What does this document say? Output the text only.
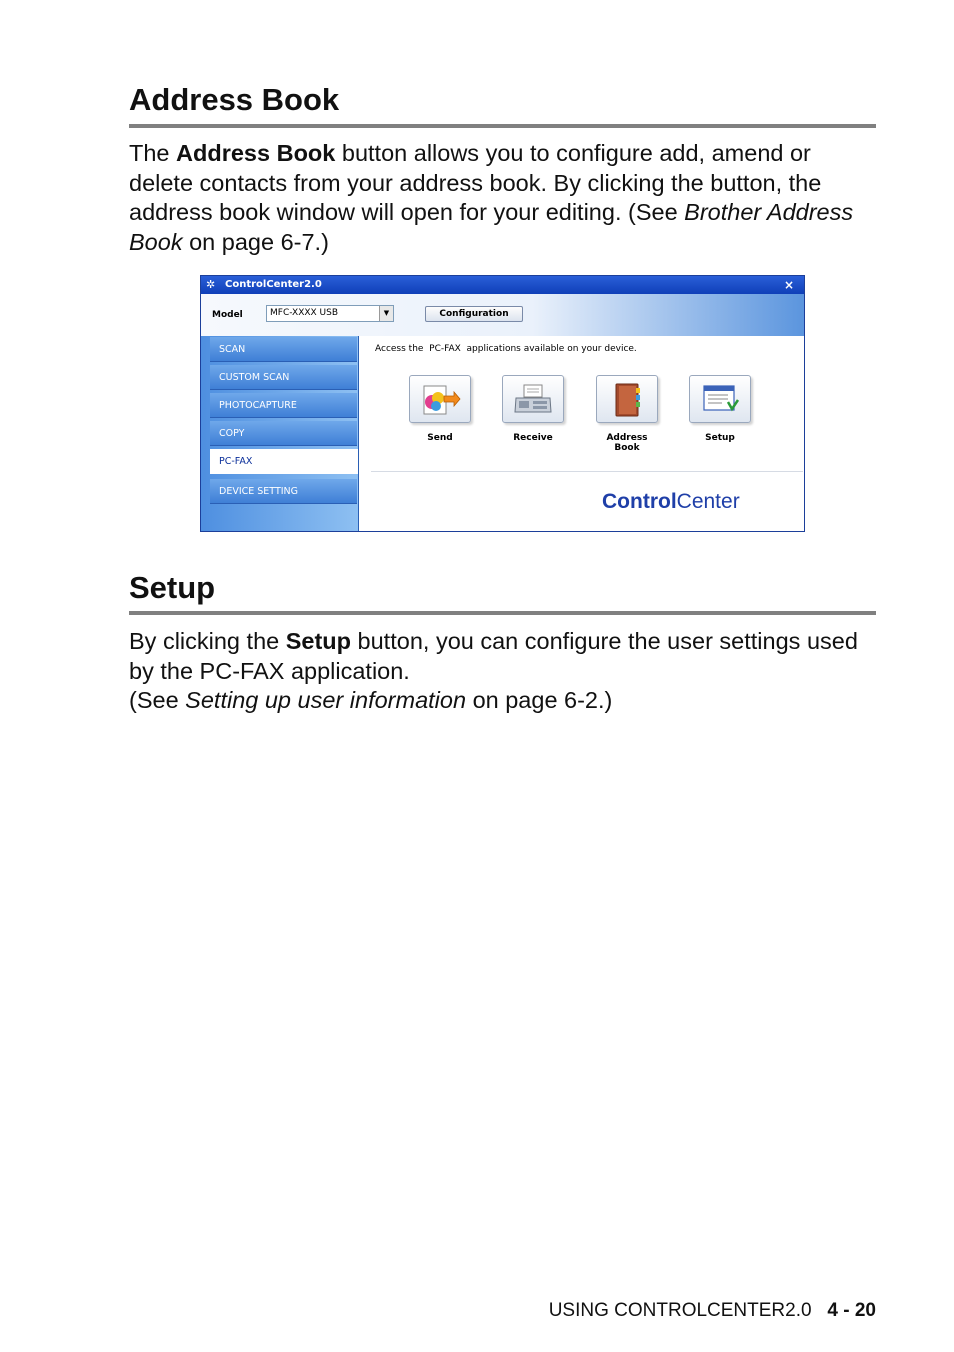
Address Book

The Address Book button allows you to configure add, amend or delete contacts from your address book. By clicking the button, the address book window will open for your editing. (See Brother Address Book on page 6-7.)

✲ ControlCenter2.0	×
Model	MFC-XXXX USB	▼	Configuration
SCAN
CUSTOM SCAN
PHOTOCAPTURE
COPY
PC-FAX
DEVICE SETTING
Access the  PC-FAX  applications available on your device.
Send	Receive	Address Book
Setup
ControlCenter
Setup

By clicking the Setup button, you can configure the user settings used by the PC-FAX application.
(See Setting up user information on page 6-2.)

USING CONTROLCENTER2.0 4 - 20
